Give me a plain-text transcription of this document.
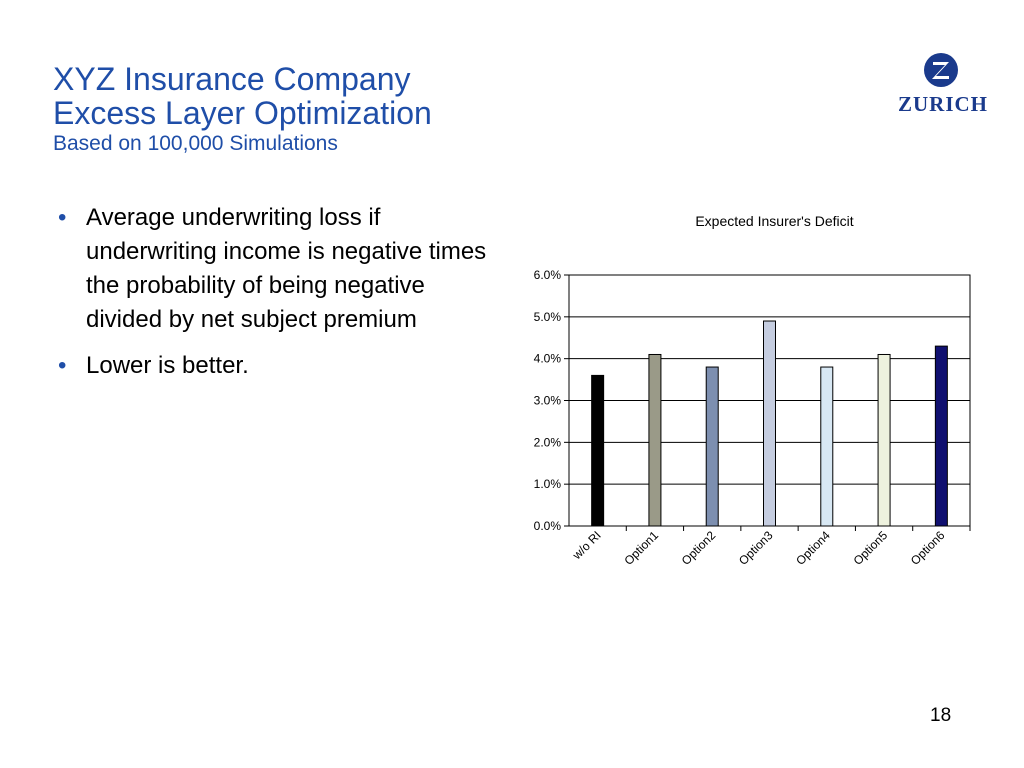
XYZ Insurance Company
Excess Layer Optimization
Based on 100,000 Simulations
ZURICH
• Average underwriting loss if underwriting income is negative times the probability of being negative divided by net subject premium
• Lower is better.
Expected Insurer's Deficit
0.0%
1.0%
2.0%
3.0%
4.0%
5.0%
6.0%
w/o RI Option1 Option2 Option3 Option4 Option5 Option6
18
